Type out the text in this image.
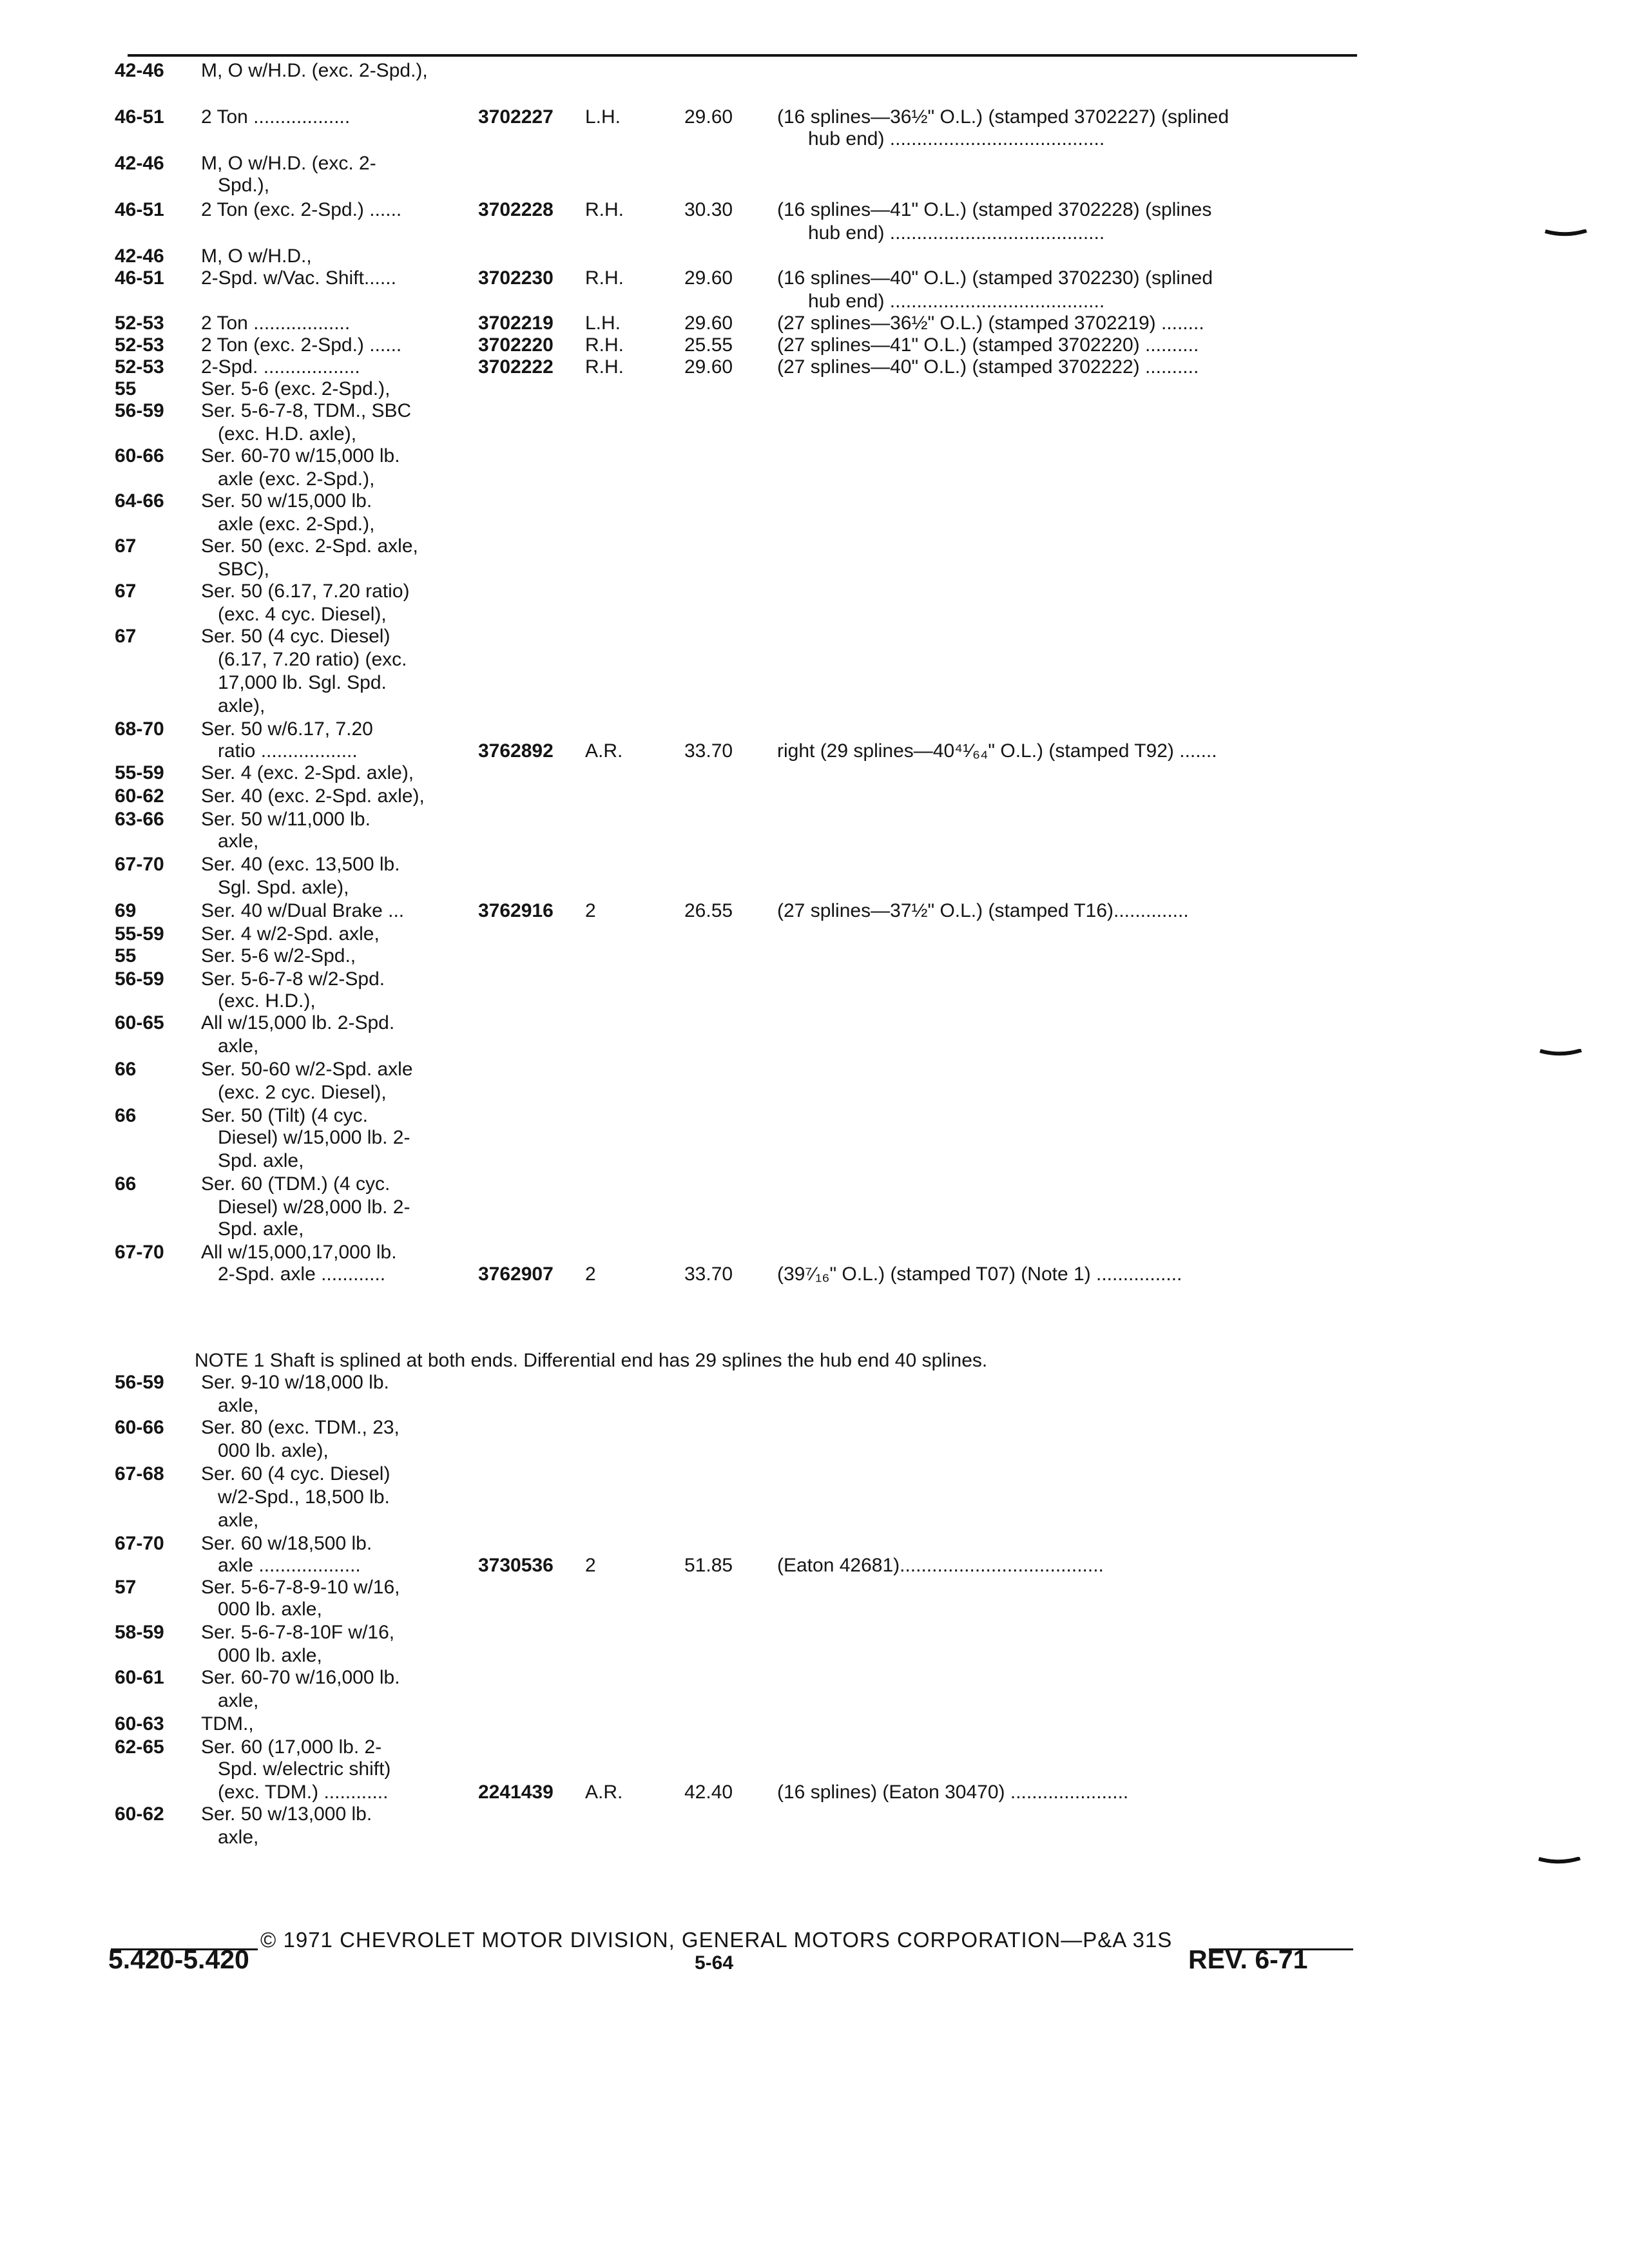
42-46 M, O w/H.D. (exc. 2-Spd.),
46-51 2 Ton ..................	3702227 L.H.	29.60	(16 splines—36½" O.L.) (stamped 3702227) (splined
hub end) ........................................
42-46 M, O w/H.D. (exc. 2-
Spd.),
46-51 2 Ton (exc. 2-Spd.) ......	3702228 R.H.	30.30	(16 splines—41" O.L.) (stamped 3702228) (splines
hub end) ........................................
42-46 M, O w/H.D.,
46-51 2-Spd. w/Vac. Shift......	3702230 R.H.	29.60	(16 splines—40" O.L.) (stamped 3702230) (splined
hub end) ........................................
52-53 2 Ton ..................	3702219 L.H.	29.60	(27 splines—36½" O.L.) (stamped 3702219) ........
52-53 2 Ton (exc. 2-Spd.) ......	3702220 R.H.	25.55	(27 splines—41" O.L.) (stamped 3702220) ..........
52-53 2-Spd. ..................	3702222 R.H.	29.60	(27 splines—40" O.L.) (stamped 3702222) ..........
55	Ser. 5-6 (exc. 2-Spd.),
56-59 Ser. 5-6-7-8, TDM., SBC
(exc. H.D. axle),
60-66 Ser. 60-70 w/15,000 lb.
axle (exc. 2-Spd.),
64-66 Ser. 50 w/15,000 lb.
axle (exc. 2-Spd.),
67	Ser. 50 (exc. 2-Spd. axle,
SBC),
67	Ser. 50 (6.17, 7.20 ratio)
(exc. 4 cyc. Diesel),
67	Ser. 50 (4 cyc. Diesel)
(6.17, 7.20 ratio) (exc.
17,000 lb. Sgl. Spd.
axle),
68-70 Ser. 50 w/6.17, 7.20
ratio ..................	3762892 A.R.	33.70	right (29 splines—40⁴¹⁄₆₄" O.L.) (stamped T92) .......
55-59 Ser. 4 (exc. 2-Spd. axle),
60-62 Ser. 40 (exc. 2-Spd. axle),
63-66 Ser. 50 w/11,000 lb.
axle,
67-70 Ser. 40 (exc. 13,500 lb.
Sgl. Spd. axle),
69	Ser. 40 w/Dual Brake ...	3762916 2	26.55	(27 splines—37½" O.L.) (stamped T16)..............
55-59 Ser. 4 w/2-Spd. axle,
55	Ser. 5-6 w/2-Spd.,
56-59 Ser. 5-6-7-8 w/2-Spd.
(exc. H.D.),
60-65 All w/15,000 lb. 2-Spd.
axle,
66	Ser. 50-60 w/2-Spd. axle
(exc. 2 cyc. Diesel),
66	Ser. 50 (Tilt) (4 cyc.
Diesel) w/15,000 lb. 2-
Spd. axle,
66	Ser. 60 (TDM.) (4 cyc.
Diesel) w/28,000 lb. 2-
Spd. axle,
67-70 All w/15,000,17,000 lb.
2-Spd. axle ............	3762907 2	33.70	(39⁷⁄₁₆" O.L.) (stamped T07) (Note 1) ................
56-59 Ser. 9-10 w/18,000 lb.
axle,
60-66 Ser. 80 (exc. TDM., 23,
000 lb. axle),
67-68 Ser. 60 (4 cyc. Diesel)
w/2-Spd., 18,500 lb.
axle,
67-70 Ser. 60 w/18,500 lb.
axle ...................	3730536 2	51.85	(Eaton 42681)......................................
57	Ser. 5-6-7-8-9-10 w/16,
000 lb. axle,
58-59 Ser. 5-6-7-8-10F w/16,
000 lb. axle,
60-61 Ser. 60-70 w/16,000 lb.
axle,
60-63 TDM.,
62-65 Ser. 60 (17,000 lb. 2-
Spd. w/electric shift)
(exc. TDM.) ............	2241439 A.R.	42.40	(16 splines) (Eaton 30470) ......................
60-62 Ser. 50 w/13,000 lb.
axle,
NOTE 1 Shaft is splined at both ends. Differential end has 29 splines the hub end 40 splines.
© 1971 CHEVROLET MOTOR DIVISION, GENERAL MOTORS CORPORATION—P&A 31S
5.420-5.420	5-64	REV. 6-71
